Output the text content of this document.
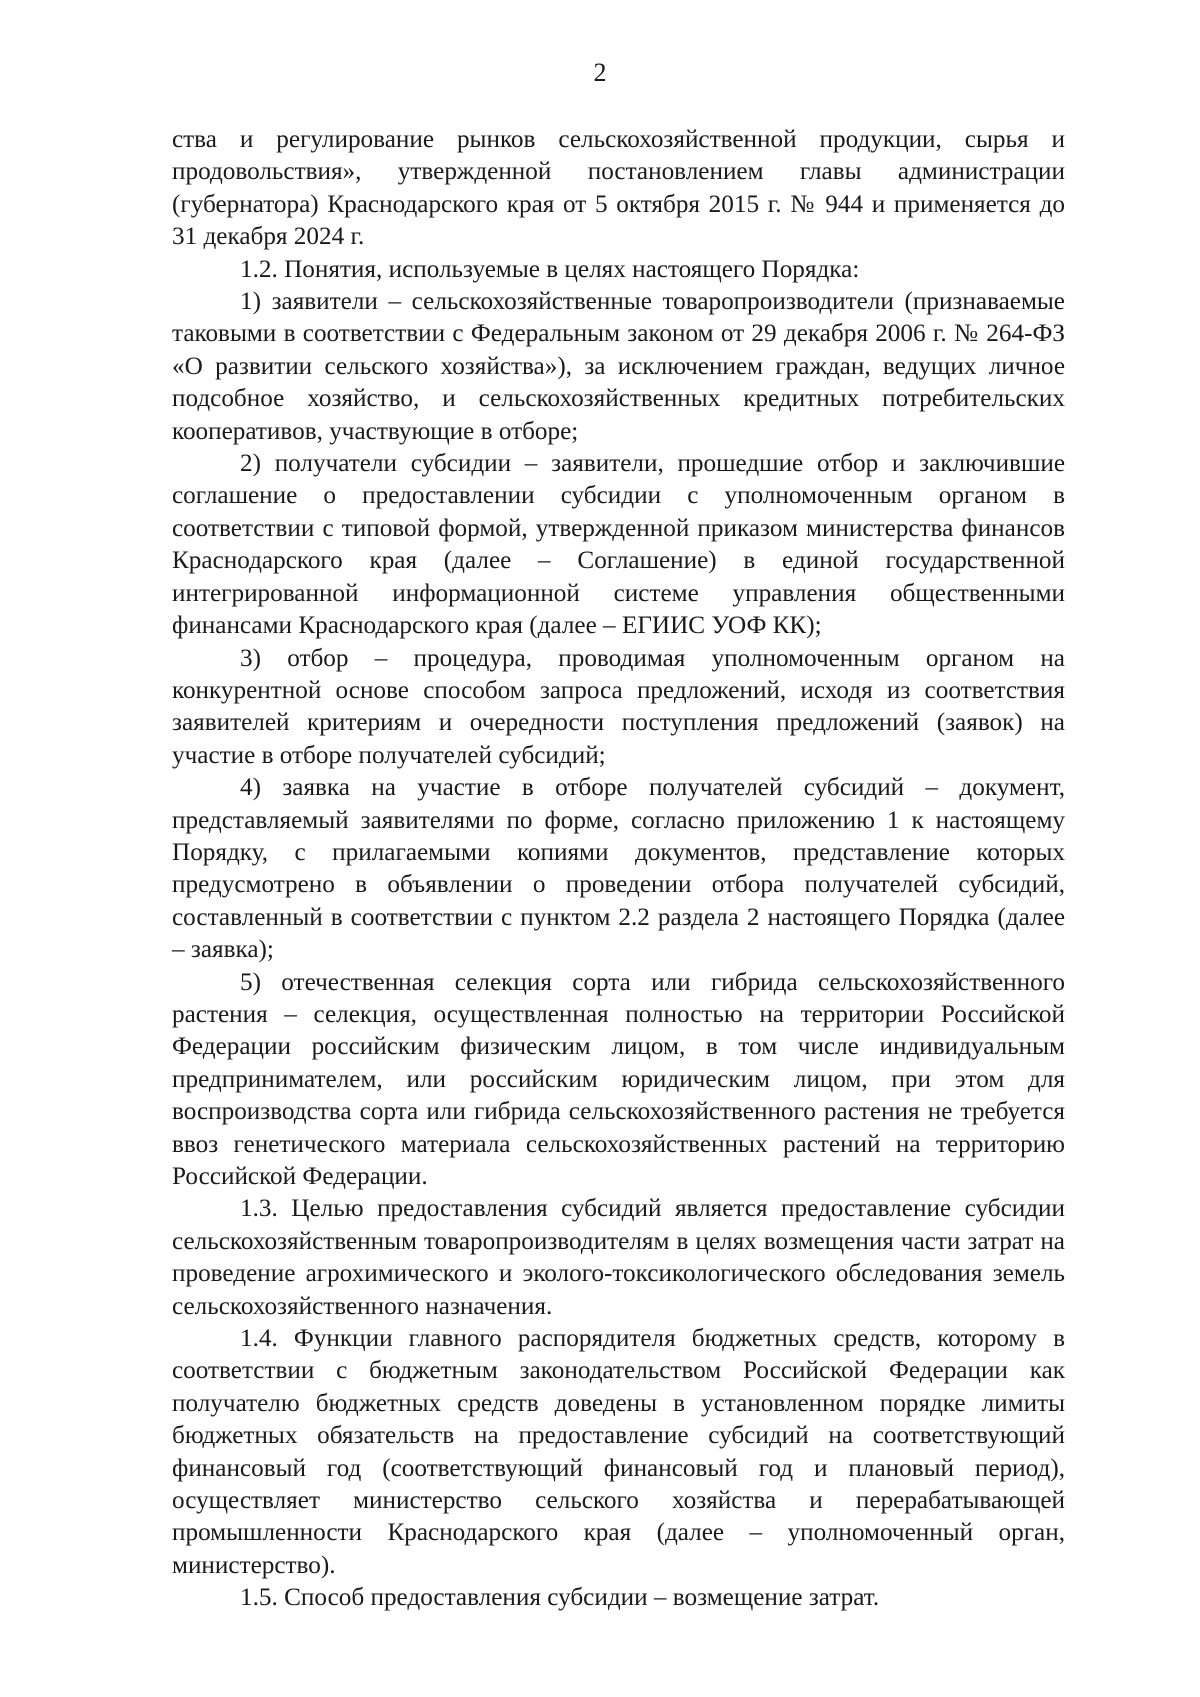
2

ства и регулирование рынков сельскохозяйственной продукции, сырья и продовольствия», утвержденной постановлением главы администрации (губернатора) Краснодарского края от 5 октября 2015 г. № 944 и применяется до 31 декабря 2024 г.

1.2. Понятия, используемые в целях настоящего Порядка:

1) заявители – сельскохозяйственные товаропроизводители (признаваемые таковыми в соответствии с Федеральным законом от 29 декабря 2006 г. № 264-ФЗ «О развитии сельского хозяйства»), за исключением граждан, ведущих личное подсобное хозяйство, и сельскохозяйственных кредитных потребительских кооперативов, участвующие в отборе;

2) получатели субсидии – заявители, прошедшие отбор и заключившие соглашение о предоставлении субсидии с уполномоченным органом в соответствии с типовой формой, утвержденной приказом министерства финансов Краснодарского края (далее – Соглашение) в единой государственной интегрированной информационной системе управления общественными финансами Краснодарского края (далее – ЕГИИС УОФ КК);

3) отбор – процедура, проводимая уполномоченным органом на конкурентной основе способом запроса предложений, исходя из соответствия заявителей критериям и очередности поступления предложений (заявок) на участие в отборе получателей субсидий;

4) заявка на участие в отборе получателей субсидий – документ, представляемый заявителями по форме, согласно приложению 1 к настоящему Порядку, с прилагаемыми копиями документов, представление которых предусмотрено в объявлении о проведении отбора получателей субсидий, составленный в соответствии с пунктом 2.2 раздела 2 настоящего Порядка (далее – заявка);

5) отечественная селекция сорта или гибрида сельскохозяйственного растения – селекция, осуществленная полностью на территории Российской Федерации российским физическим лицом, в том числе индивидуальным предпринимателем, или российским юридическим лицом, при этом для воспроизводства сорта или гибрида сельскохозяйственного растения не требуется ввоз генетического материала сельскохозяйственных растений на территорию Российской Федерации.

1.3. Целью предоставления субсидий является предоставление субсидии сельскохозяйственным товаропроизводителям в целях возмещения части затрат на проведение агрохимического и эколого-токсикологического обследования земель сельскохозяйственного назначения.

1.4. Функции главного распорядителя бюджетных средств, которому в соответствии с бюджетным законодательством Российской Федерации как получателю бюджетных средств доведены в установленном порядке лимиты бюджетных обязательств на предоставление субсидий на соответствующий финансовый год (соответствующий финансовый год и плановый период), осуществляет министерство сельского хозяйства и перерабатывающей промышленности Краснодарского края (далее – уполномоченный орган, министерство).

1.5. Способ предоставления субсидии – возмещение затрат.
